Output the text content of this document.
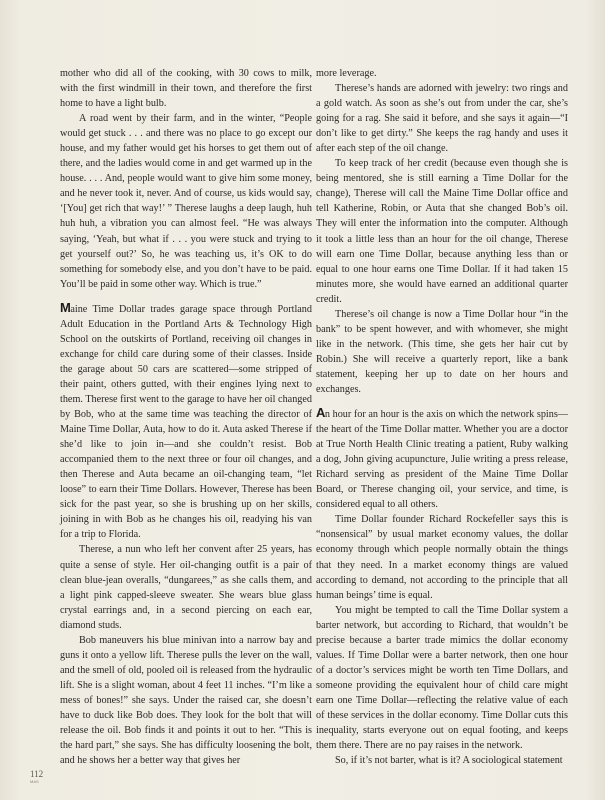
mother who did all of the cooking, with 30 cows to milk, with the first windmill in their town, and therefore the first home to have a light bulb.

A road went by their farm, and in the winter, “People would get stuck . . . and there was no place to go except our house, and my father would get his horses to get them out of there, and the ladies would come in and get warmed up in the house. . . . And, people would want to give him some money, and he never took it, never. And of course, us kids would say, ‘[You] get rich that way!’ ” Therese laughs a deep laugh, huh huh huh, a vibration you can almost feel. “He was always saying, ‘Yeah, but what if . . . you were stuck and trying to get yourself out?’ So, he was teaching us, it’s OK to do something for somebody else, and you don’t have to be paid. You’ll be paid in some other way. Which is true.”

Maine Time Dollar trades garage space through Portland Adult Education in the Portland Arts & Technology High School on the outskirts of Portland, receiving oil changes in exchange for child care during some of their classes. Inside the garage about 50 cars are scattered—some stripped of their paint, others gutted, with their engines lying next to them. Therese first went to the garage to have her oil changed by Bob, who at the same time was teaching the director of Maine Time Dollar, Auta, how to do it. Auta asked Therese if she’d like to join in—and she couldn’t resist. Bob accompanied them to the next three or four oil changes, and then Therese and Auta became an oil-changing team, “let loose” to earn their Time Dollars. However, Therese has been sick for the past year, so she is brushing up on her skills, joining in with Bob as he changes his oil, readying his van for a trip to Florida.

Therese, a nun who left her convent after 25 years, has quite a sense of style. Her oil-changing outfit is a pair of clean blue-jean overalls, “dungarees,” as she calls them, and a light pink capped-sleeve sweater. She wears blue glass crystal earrings and, in a second piercing on each ear, diamond studs.

Bob maneuvers his blue minivan into a narrow bay and guns it onto a yellow lift. Therese pulls the lever on the wall, and the smell of old, pooled oil is released from the hydraulic lift. She is a slight woman, about 4 feet 11 inches. “I’m like a mess of bones!” she says. Under the raised car, she doesn’t have to duck like Bob does. They look for the bolt that will release the oil. Bob finds it and points it out to her. “This is the hard part,” she says. She has difficulty loosening the bolt, and he shows her a better way that gives her

more leverage.

Therese’s hands are adorned with jewelry: two rings and a gold watch. As soon as she’s out from under the car, she’s going for a rag. She said it before, and she says it again—“I don’t like to get dirty.” She keeps the rag handy and uses it after each step of the oil change.

To keep track of her credit (because even though she is being mentored, she is still earning a Time Dollar for the change), Therese will call the Maine Time Dollar office and tell Katherine, Robin, or Auta that she changed Bob’s oil. They will enter the information into the computer. Although it took a little less than an hour for the oil change, Therese will earn one Time Dollar, because anything less than or equal to one hour earns one Time Dollar. If it had taken 15 minutes more, she would have earned an additional quarter credit.

Therese’s oil change is now a Time Dollar hour “in the bank” to be spent however, and with whomever, she might like in the network. (This time, she gets her hair cut by Robin.) She will receive a quarterly report, like a bank statement, keeping her up to date on her hours and exchanges.

An hour for an hour is the axis on which the network spins—the heart of the Time Dollar matter. Whether you are a doctor at True North Health Clinic treating a patient, Ruby walking a dog, John giving acupuncture, Julie writing a press release, Richard serving as president of the Maine Time Dollar Board, or Therese changing oil, your service, and time, is considered equal to all others.

Time Dollar founder Richard Rockefeller says this is “nonsensical” by usual market economy values, the dollar economy through which people normally obtain the things that they need. In a market economy things are valued according to demand, not according to the principle that all human beings’ time is equal.

You might be tempted to call the Time Dollar system a barter network, but according to Richard, that wouldn’t be precise because a barter trade mimics the dollar economy values. If Time Dollar were a barter network, then one hour of a doctor’s services might be worth ten Time Dollars, and someone providing the equivalent hour of child care might earn one Time Dollar—reflecting the relative value of each of these services in the dollar economy. Time Dollar cuts this inequality, starts everyone out on equal footing, and keeps them there. There are no pay raises in the network.

So, if it’s not barter, what is it? A sociological statement

112
MAS
